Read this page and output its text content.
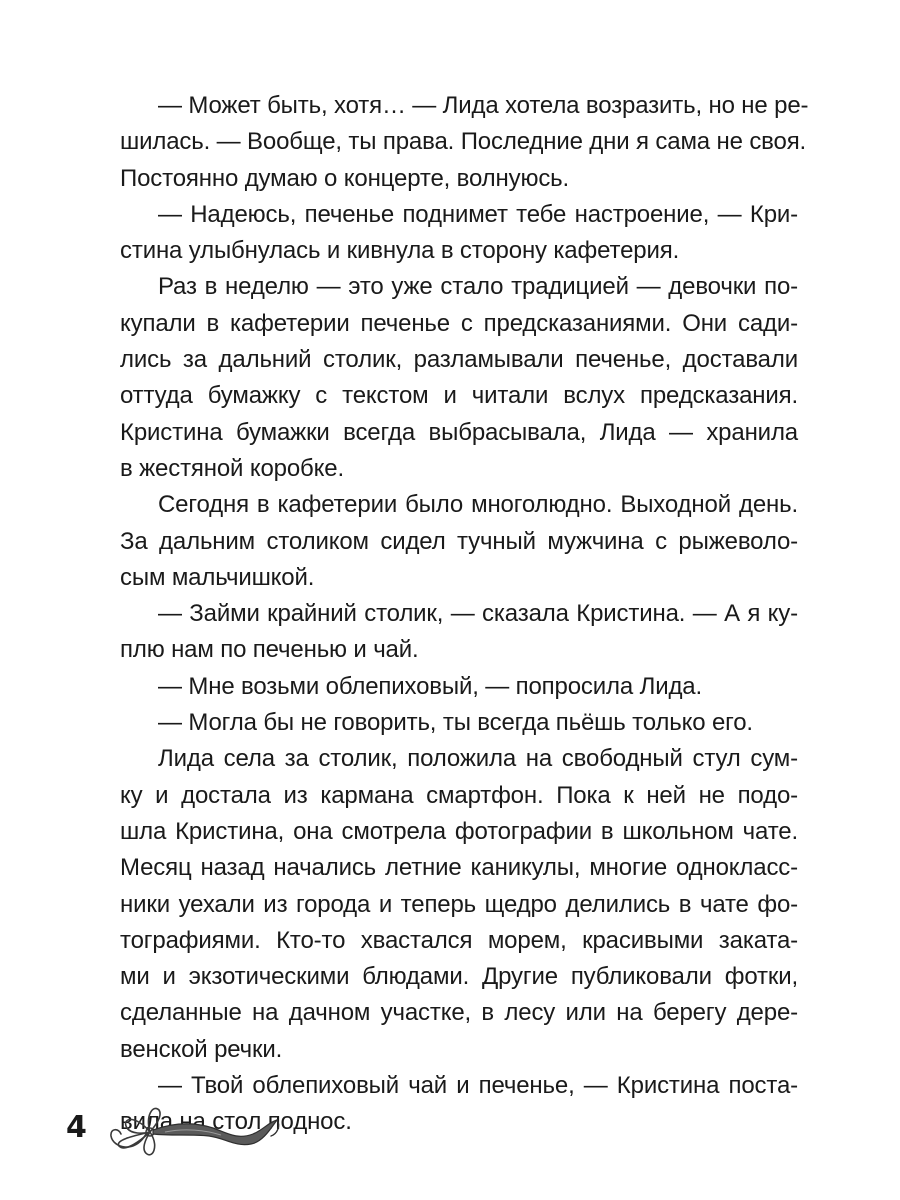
— Может быть, хотя… — Лида хотела возразить, но не ре-
шилась. — Вообще, ты права. Последние дни я сама не своя.
Постоянно думаю о концерте, волнуюсь.
— Надеюсь, печенье поднимет тебе настроение, — Кри-
стина улыбнулась и кивнула в сторону кафетерия.
Раз в неделю — это уже стало традицией — девочки по-
купали в кафетерии печенье с предсказаниями. Они сади-
лись за дальний столик, разламывали печенье, доставали
оттуда бумажку с текстом и читали вслух предсказания.
Кристина бумажки всегда выбрасывала, Лида — хранила
в жестяной коробке.
Сегодня в кафетерии было многолюдно. Выходной день.
За дальним столиком сидел тучный мужчина с рыжеволо-
сым мальчишкой.
— Займи крайний столик, — сказала Кристина. — А я ку-
плю нам по печенью и чай.
— Мне возьми облепиховый, — попросила Лида.
— Могла бы не говорить, ты всегда пьёшь только его.
Лида села за столик, положила на свободный стул сум-
ку и достала из кармана смартфон. Пока к ней не подо-
шла Кристина, она смотрела фотографии в школьном чате.
Месяц назад начались летние каникулы, многие однокласс-
ники уехали из города и теперь щедро делились в чате фо-
тографиями. Кто-то хвастался морем, красивыми заката-
ми и экзотическими блюдами. Другие публиковали фотки,
сделанные на дачном участке, в лесу или на берегу дере-
венской речки.
— Твой облепиховый чай и печенье, — Кристина поста-
вила на стол поднос.
4
